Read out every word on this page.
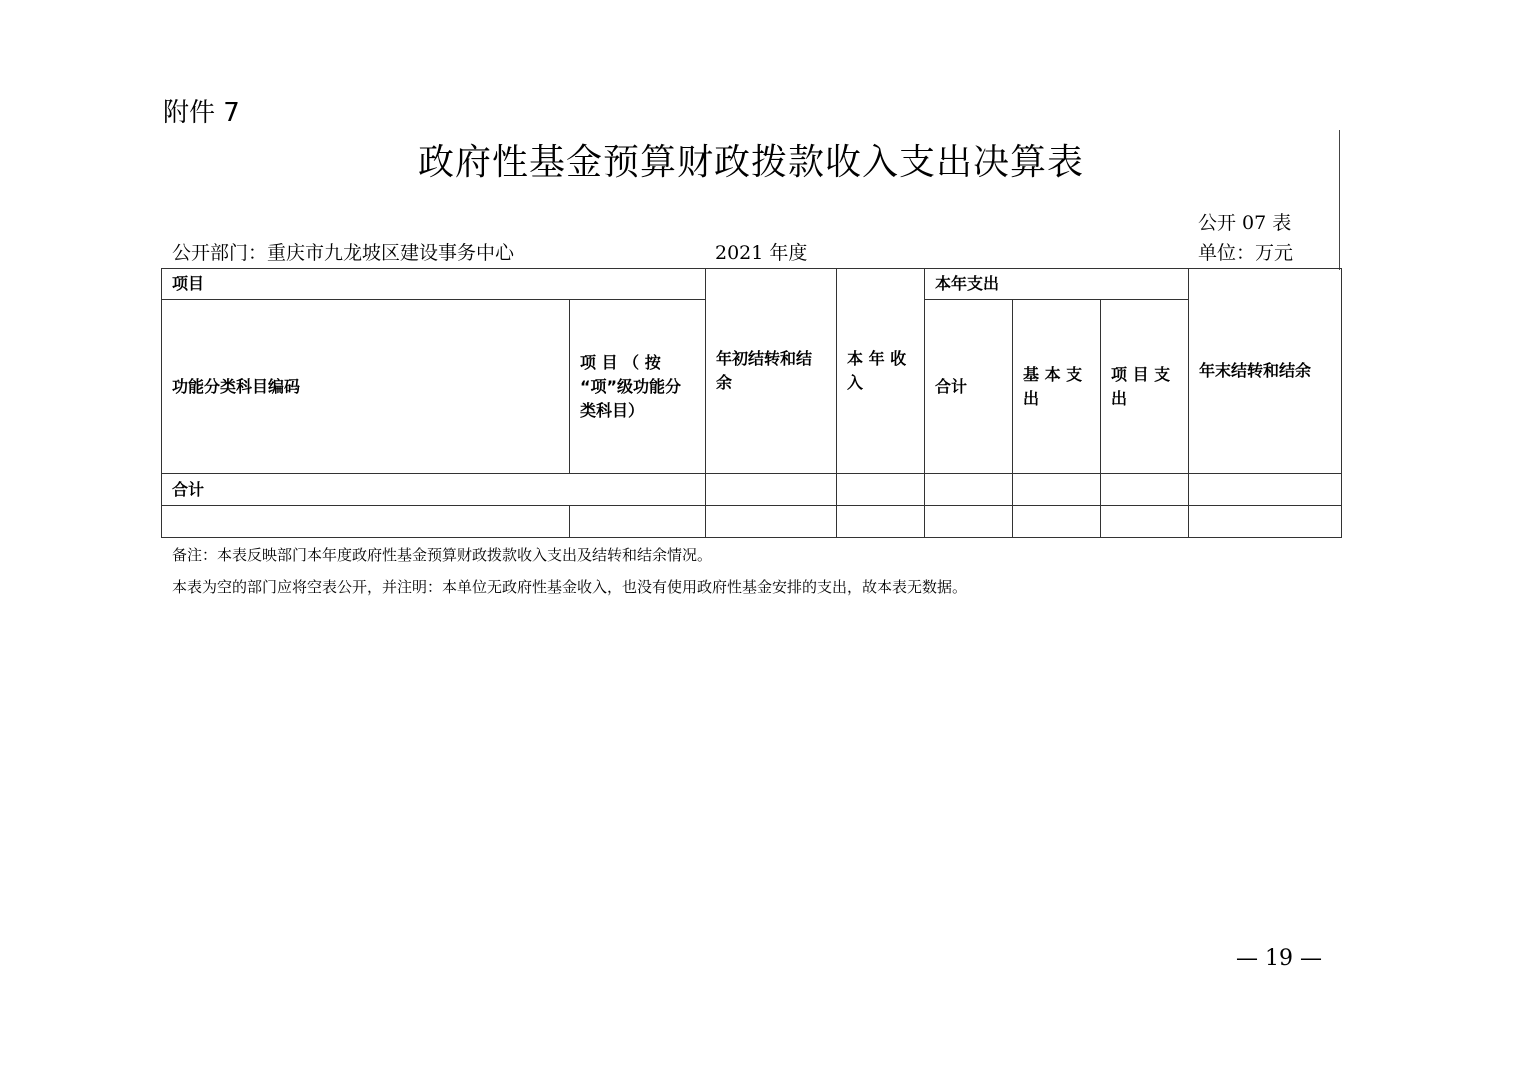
附件 7
政府性基金预算财政拨款收入支出决算表
公开部门：重庆市九龙坡区建设事务中心	2021 年度
公开 07 表
单位：万元
项目		年初结转和结余	本 年 收 入	本年支出			年末结转和结余
功能分类科目编码	项 目 （ 按 “项”级功能分类科目）			合计	基 本 支 出	项 目 支 出	
合计							

备注：本表反映部门本年度政府性基金预算财政拨款收入支出及结转和结余情况。
本表为空的部门应将空表公开，并注明：本单位无政府性基金收入，也没有使用政府性基金安排的支出，故本表无数据。
— 19 —
